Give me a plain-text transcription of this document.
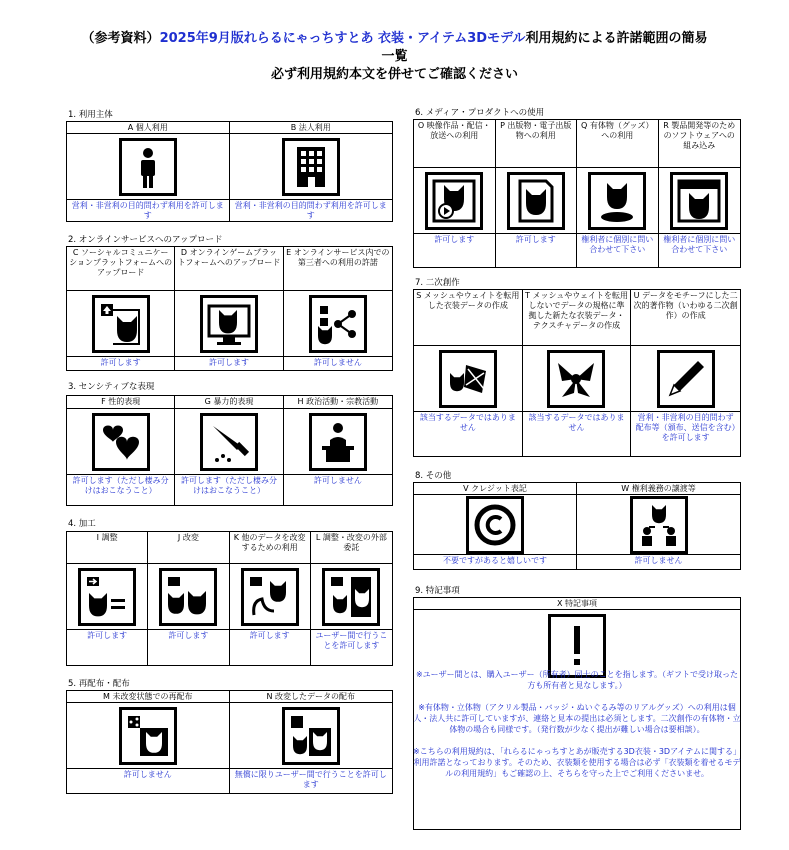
（参考資料）2025年9月版れらるにゃっちすとあ 衣装・アイテム3Dモデル利用規約による許諾範囲の簡易
一覧
必ず利用規約本文を併せてご確認ください
1. 利用主体
A 個人利用
営利・非営利の目的問わず利用を許可します
B 法人利用
営利・非営利の目的問わず利用を許可します
2. オンラインサービスへのアップロード
C ソーシャルコミュニケーションプラットフォームへのアップロード
許可します
D オンラインゲームプラットフォームへのアップロード
許可します
E オンラインサービス内での第三者への利用の許諾
許可しません
3. センシティブな表現
F 性的表現
許可します（ただし棲み分けはおこなうこと）
G 暴力的表現
許可します（ただし棲み分けはおこなうこと）
H 政治活動・宗教活動
許可しません
4. 加工
I 調整
許可します
J 改変
許可します
K 他のデータを改変するための利用
許可します
L 調整・改変の外部委託
ユーザー間で行うことを許可します
5. 再配布・配布
M 未改変状態での再配布
許可しません
N 改変したデータの配布
無償に限りユーザー間で行うことを許可します
6. メディア・プロダクトへの使用
O 映像作品・配信・放送への利用
許可します
P 出版物・電子出版物への利用
許可します
Q 有体物（グッズ）への利用
権利者に個別に問い合わせて下さい
R 製品開発等のためのソフトウェアへの組み込み
権利者に個別に問い合わせて下さい
7. 二次創作
S メッシュやウェイトを転用した衣装データの作成
該当するデータではありません
T メッシュやウェイトを転用しないでデータの規格に準拠した新たな衣装データ・テクスチャデータの作成
該当するデータではありません
U データをモチーフにした二次的著作物（いわゆる二次創作）の作成
営利・非営利の目的問わず配布等（頒布、送信を含む）を許可します
8. その他
V クレジット表記
不要ですがあると嬉しいです
W 権利義務の譲渡等
許可しません
9. 特記事項
X 特記事項

※ユーザー間とは、購入ユーザー（所有者）同士のことを指します。（ギフトで受け取った方も所有者と見なします。）

※有体物・立体物（アクリル製品・バッジ・ぬいぐるみ等のリアルグッズ）への利用は個人・法人共に許可していますが、連絡と見本の提出は必須とします。二次創作の有体物・立体物の場合も同様です。（発行数が少なく提出が難しい場合は要相談）。

※こちらの利用規約は、「れらるにゃっちすとあが販売する3D衣装・3Dアイテムに関する」利用許諾となっております。そのため、衣装類を使用する場合は必ず「衣装類を着せるモデルの利用規約」もご確認の上、そちらを守った上でご利用くださいませ。
